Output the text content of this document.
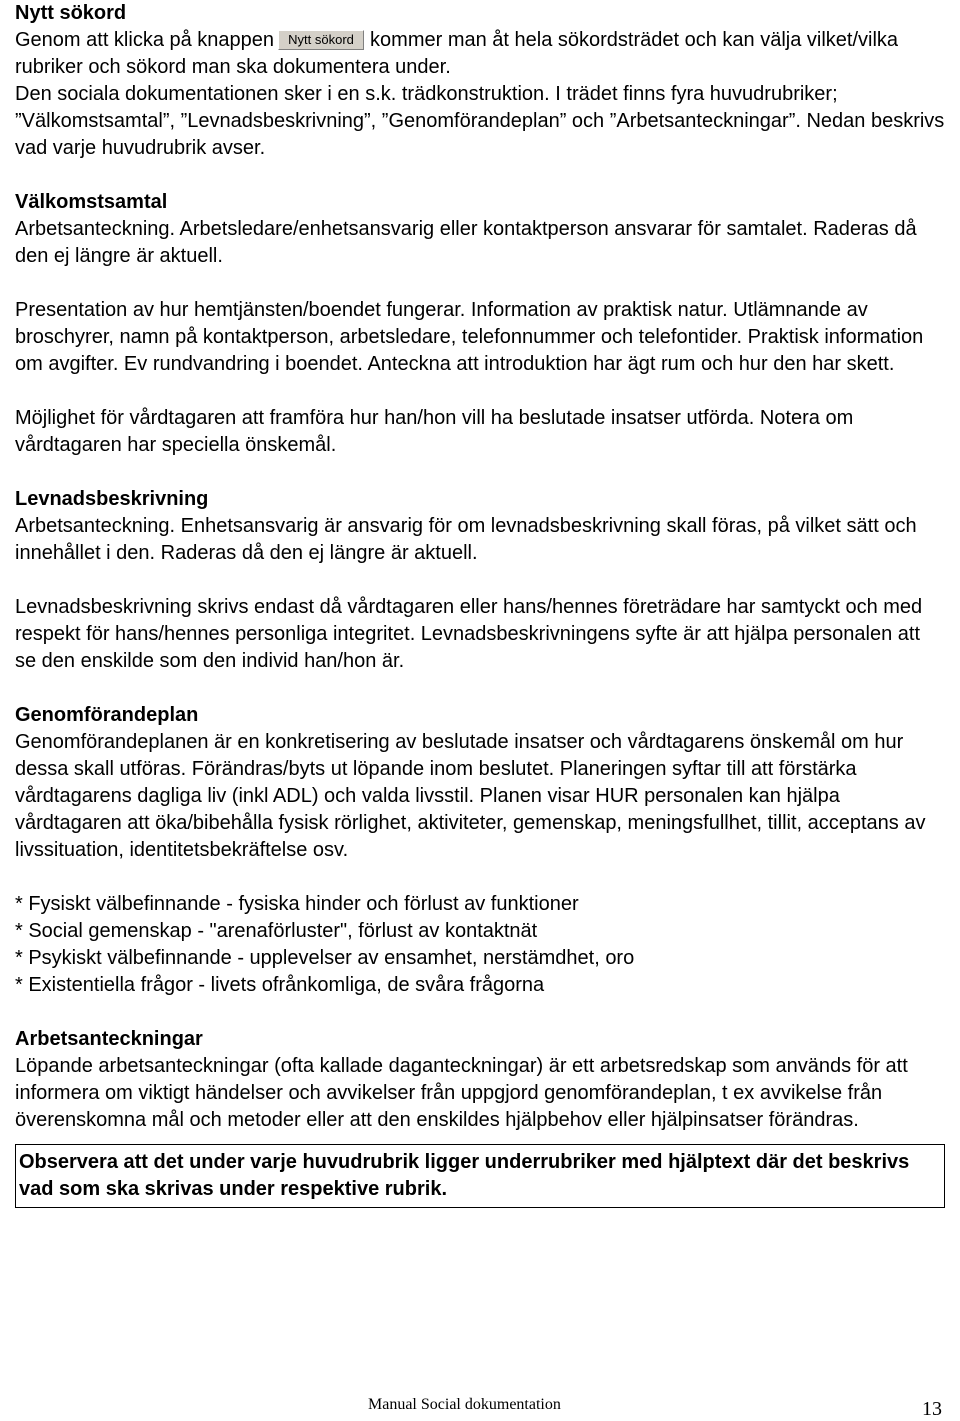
Nytt sökord

Genom att klicka på knappen Nytt sökord kommer man åt hela sökordsträdet och kan välja vilket/vilka rubriker och sökord man ska dokumentera under.

Den sociala dokumentationen sker i en s.k. trädkonstruktion. I trädet finns fyra huvudrubriker; ”Välkomstsamtal”, ”Levnadsbeskrivning”, ”Genomförandeplan” och ”Arbetsanteckningar”. Nedan beskrivs vad varje huvudrubrik avser.

Välkomstsamtal

Arbetsanteckning. Arbetsledare/enhetsansvarig eller kontaktperson ansvarar för samtalet. Raderas då den ej längre är aktuell.

Presentation av hur hemtjänsten/boendet fungerar. Information av praktisk natur. Utlämnande av broschyrer, namn på kontaktperson, arbetsledare, telefonnummer och telefontider. Praktisk information om avgifter. Ev rundvandring i boendet. Anteckna att introduktion har ägt rum och hur den har skett.

Möjlighet för vårdtagaren att framföra hur han/hon vill ha beslutade insatser utförda. Notera om vårdtagaren har speciella önskemål.

Levnadsbeskrivning

Arbetsanteckning. Enhetsansvarig är ansvarig för om levnadsbeskrivning skall föras, på vilket sätt och innehållet i den. Raderas då den ej längre är aktuell.

Levnadsbeskrivning skrivs endast då vårdtagaren eller hans/hennes företrädare har samtyckt och med respekt för hans/hennes personliga integritet. Levnadsbeskrivningens syfte är att hjälpa personalen att se den enskilde som den individ han/hon är.

Genomförandeplan

Genomförandeplanen är en konkretisering av beslutade insatser och vårdtagarens önskemål om hur dessa skall utföras. Förändras/byts ut löpande inom beslutet. Planeringen syftar till att förstärka vårdtagarens dagliga liv (inkl ADL) och valda livsstil. Planen visar HUR personalen kan hjälpa vårdtagaren att öka/bibehålla fysisk rörlighet, aktiviteter, gemenskap, meningsfullhet, tillit, acceptans av livssituation, identitetsbekräftelse osv.

* Fysiskt välbefinnande - fysiska hinder och förlust av funktioner

* Social gemenskap - "arenaförluster", förlust av kontaktnät

* Psykiskt välbefinnande - upplevelser av ensamhet, nerstämdhet, oro

* Existentiella frågor - livets ofrånkomliga, de svåra frågorna

Arbetsanteckningar

Löpande arbetsanteckningar (ofta kallade daganteckningar) är ett arbetsredskap som används för att informera om viktigt händelser och avvikelser från uppgjord genomförandeplan, t ex avvikelse från överenskomna mål och metoder eller att den enskildes hjälpbehov eller hjälpinsatser förändras.

Observera att det under varje huvudrubrik ligger underrubriker med hjälptext där det beskrivs vad som ska skrivas under respektive rubrik.
Manual Social dokumentation	13
